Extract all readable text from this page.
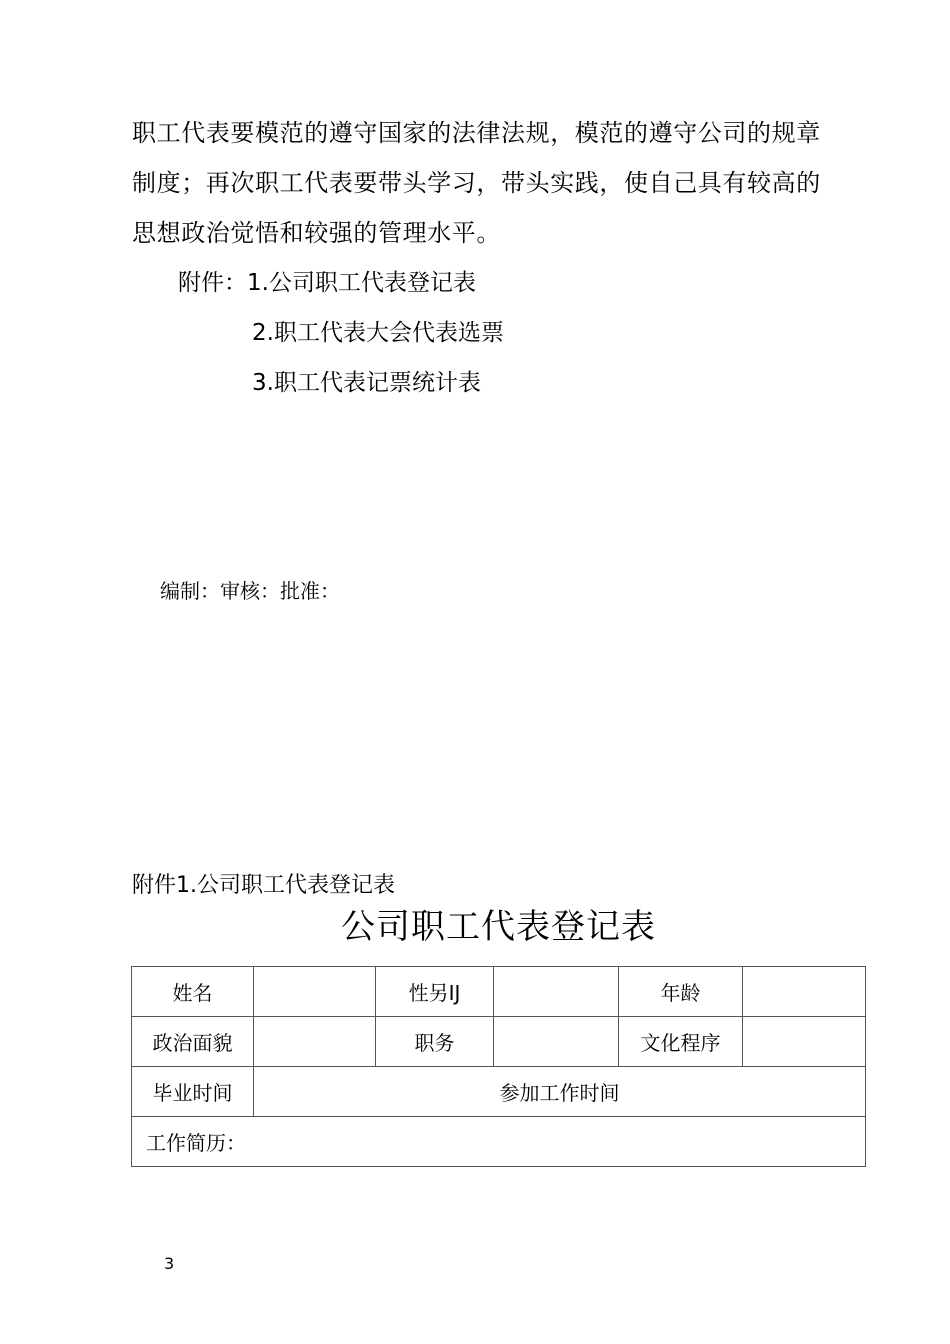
职工代表要模范的遵守国家的法律法规，模范的遵守公司的规章
制度；再次职工代表要带头学习，带头实践，使自己具有较高的
思想政治觉悟和较强的管理水平。
附件：1.公司职工代表登记表
2.职工代表大会代表选票
3.职工代表记票统计表
编制：审核：批准：
附件1.公司职工代表登记表
公司职工代表登记表
姓名		性另IJ		年龄	
政治面貌		职务		文化程序	
毕业时间	参加工作时间				
工作简历：					
3
